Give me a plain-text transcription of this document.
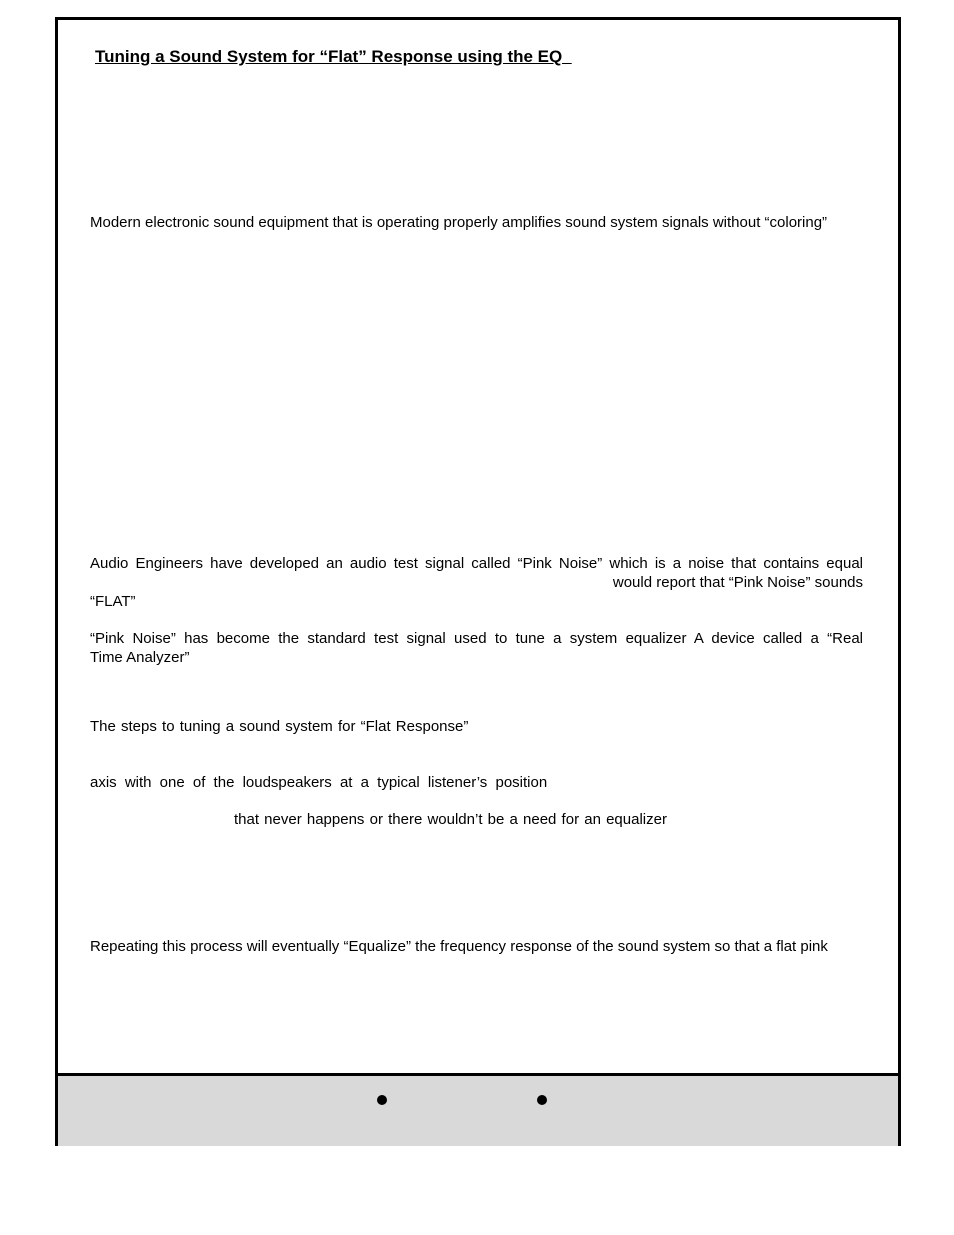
Tuning a Sound System for “Flat” Response using the EQ
Modern electronic sound equipment that is operating properly amplifies sound system signals without “coloring”
Audio Engineers have developed an audio test signal called “Pink Noise” which is a noise that contains equal
would report that “Pink Noise” sounds
“FLAT”
“Pink Noise” has become the standard test signal used to tune a system equalizer A device called a “Real
Time Analyzer”
The steps to tuning a sound system for “Flat Response”
axis with one of the loudspeakers at a typical listener’s position
that never happens or there wouldn’t be a need for an equalizer
Repeating this process will eventually “Equalize” the frequency response of the sound system so that a flat pink
